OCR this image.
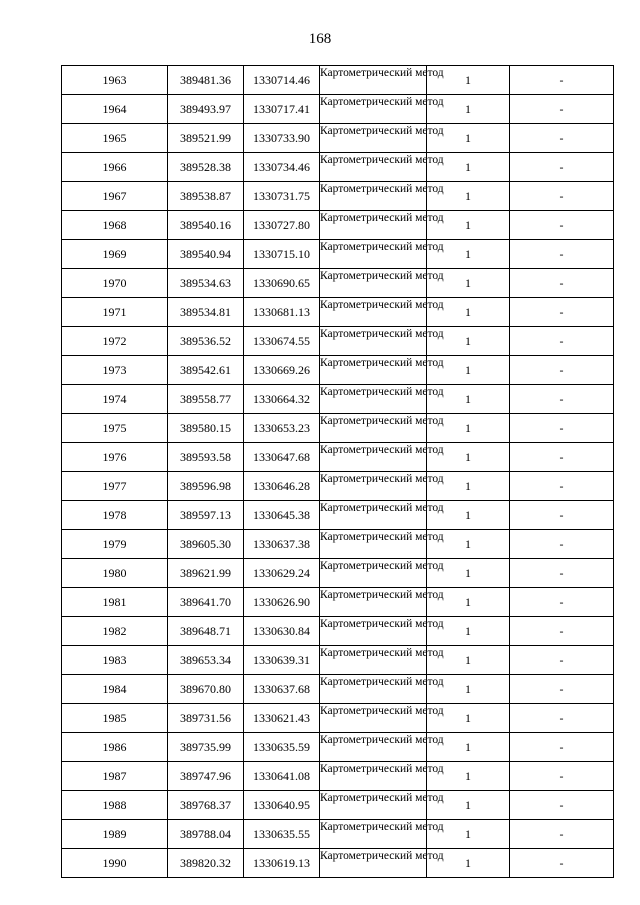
168
1963	389481.36	1330714.46	Картометрический метод	1	-
1964	389493.97	1330717.41	Картометрический метод	1	-
1965	389521.99	1330733.90	Картометрический метод	1	-
1966	389528.38	1330734.46	Картометрический метод	1	-
1967	389538.87	1330731.75	Картометрический метод	1	-
1968	389540.16	1330727.80	Картометрический метод	1	-
1969	389540.94	1330715.10	Картометрический метод	1	-
1970	389534.63	1330690.65	Картометрический метод	1	-
1971	389534.81	1330681.13	Картометрический метод	1	-
1972	389536.52	1330674.55	Картометрический метод	1	-
1973	389542.61	1330669.26	Картометрический метод	1	-
1974	389558.77	1330664.32	Картометрический метод	1	-
1975	389580.15	1330653.23	Картометрический метод	1	-
1976	389593.58	1330647.68	Картометрический метод	1	-
1977	389596.98	1330646.28	Картометрический метод	1	-
1978	389597.13	1330645.38	Картометрический метод	1	-
1979	389605.30	1330637.38	Картометрический метод	1	-
1980	389621.99	1330629.24	Картометрический метод	1	-
1981	389641.70	1330626.90	Картометрический метод	1	-
1982	389648.71	1330630.84	Картометрический метод	1	-
1983	389653.34	1330639.31	Картометрический метод	1	-
1984	389670.80	1330637.68	Картометрический метод	1	-
1985	389731.56	1330621.43	Картометрический метод	1	-
1986	389735.99	1330635.59	Картометрический метод	1	-
1987	389747.96	1330641.08	Картометрический метод	1	-
1988	389768.37	1330640.95	Картометрический метод	1	-
1989	389788.04	1330635.55	Картометрический метод	1	-
1990	389820.32	1330619.13	Картометрический метод	1	-
